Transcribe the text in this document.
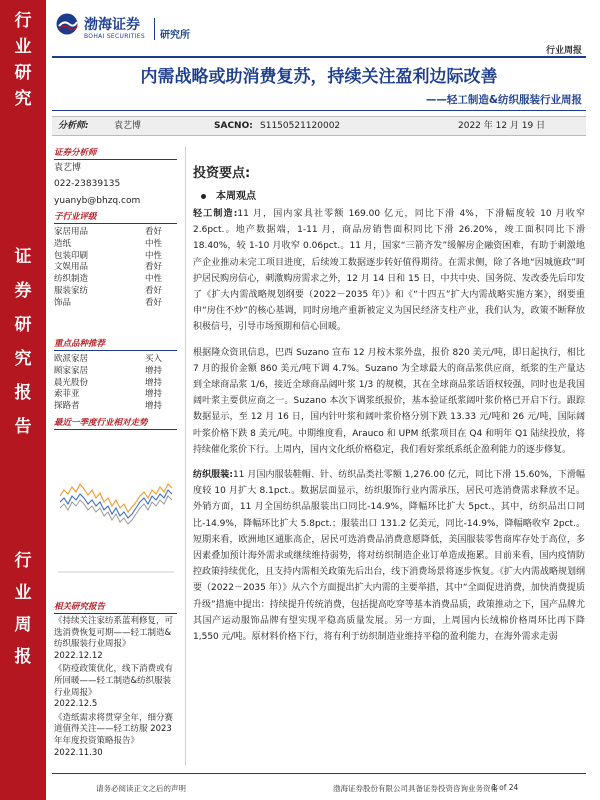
行
业
研
究
证
券
研
究
报
告
行
业
周
报
渤海证券
BOHAI SECURITIES 研究所
行业周报
内需战略或助消费复苏，持续关注盈利边际改善
——轻工制造&纺织服装行业周报
分析师:	袁艺博	SACNO: S1150521120002	2022 年 12 月 19 日
证券分析师
袁艺博
022-23839135
yuanyb@bhzq.com
子行业评级
家居用品	看好
造纸	中性
包装印刷	中性
文娱用品	看好
纺织制造	中性
服装家纺	看好
饰品	看好
重点品种推荐
欧派家居	买入
顾家家居	增持
晨光股份	增持
索菲亚	增持
探路者	增持
最近一季度行业相对走势
相关研究报告
《持续关注家纺系蓝利修复，可选消费恢复可期——轻工制造&纺织服装行业周报》
2022.12.12
《防疫政策优化，线下消费或有所回暖——轻工制造&纺织服装行业周报》
2022.12.5
《造纸需求将贯穿全年，细分赛道值得关注——轻工纺服 2023 年年度投资策略报告》
2022.11.30
投资要点:
本周观点

轻工制造:11 月，国内家具社零额 169.00 亿元，同比下滑 4%，下滑幅度较 10 月收窄 2.6pct.。地产数据端，1-11 月，商品房销售面积同比下滑 26.20%，竣工面积同比下滑 18.40%，较 1-10 月收窄 0.06pct.。11 月，国家“三箭齐发”缓解房企融资困难，有助于刺激地产企业推动未完工项目进度，后续竣工数据逐步转好值得期待。在需求侧，除了各地“因城施政”呵护居民购房信心，刺激购房需求之外，12 月 14 日和 15 日，中共中央、国务院、发改委先后印发了《扩大内需战略规划纲要（2022－2035 年）》和《“十四五”扩大内需战略实施方案》，纲要重申“房住不炒”的核心基调，同时房地产重新被定义为国民经济支柱产业，我们认为，政策不断释放积极信号，引导市场预期和信心回暖。

根据隆众资讯信息，巴西 Suzano 宣布 12 月桉木浆外盘，报价 820 美元/吨，即日起执行，相比 7 月的报价金额 860 美元/吨下调 4.7%。Suzano 为全球最大的商品浆供应商，纸浆的生产量达到全球商品浆 1/6，接近全球商品阔叶浆 1/3 的规模，其在全球商品浆话语权较强，同时也是我国阔叶浆主要供应商之一。Suzano 本次下调浆纸报价，基本验证纸浆阔叶浆价格已开启下行。跟踪数据显示，至 12 月 16 日，国内针叶浆和阔叶浆价格分别下跌 13.33 元/吨和 26 元/吨，国际阔叶浆价格下跌 8 美元/吨。中期维度看，Arauco 和 UPM 纸浆项目在 Q4 和明年 Q1 陆续投放，将持续催化浆价下行。上周内，国内文化纸价格稳定，我们看好浆纸系纸企盈利能力的逐步修复。

纺织服装:11 月国内服装鞋帽、针、纺织品类社零额 1,276.00 亿元，同比下滑 15.60%，下滑幅度较 10 月扩大 8.1pct.。数据层面显示，纺织服饰行业内需承压，居民可选消费需求释放不足。外销方面，11 月全国纺织品服装出口同比-14.9%，降幅环比扩大 5pct.，其中，纺织品出口同比-14.9%，降幅环比扩大 5.8pct.；服装出口 131.2 亿美元，同比-14.9%，降幅略收窄 2pct.。短期来看，欧洲地区通胀高企，居民可选消费品消费意愿降低，美国服装零售商库存处于高位，多因素叠加预计海外需求或继续维持弱势，将对纺织制造企业订单造成拖累。目前来看，国内疫情防控政策持续优化，且支持内需相关政策先后出台，线下消费场景将逐步恢复。《扩大内需战略规划纲要（2022－2035 年）》从六个方面提出扩大内需的主要举措，其中“全面促进消费，加快消费提质升级”措施中提出：持续提升传统消费，包括提高吃穿等基本消费品质，政策推动之下，国产品牌尤其国产运动服饰品牌有望实现平稳高质量发展。另一方面，上周国内长绒棉价格周环比再下降 1,550 元/吨。原材料价格下行，将有利于纺织制造业维持平稳的盈利能力，在海外需求走弱

请务必阅读正文之后的声明	渤海证券股份有限公司具备证券投资咨询业务资格
1 of 24
